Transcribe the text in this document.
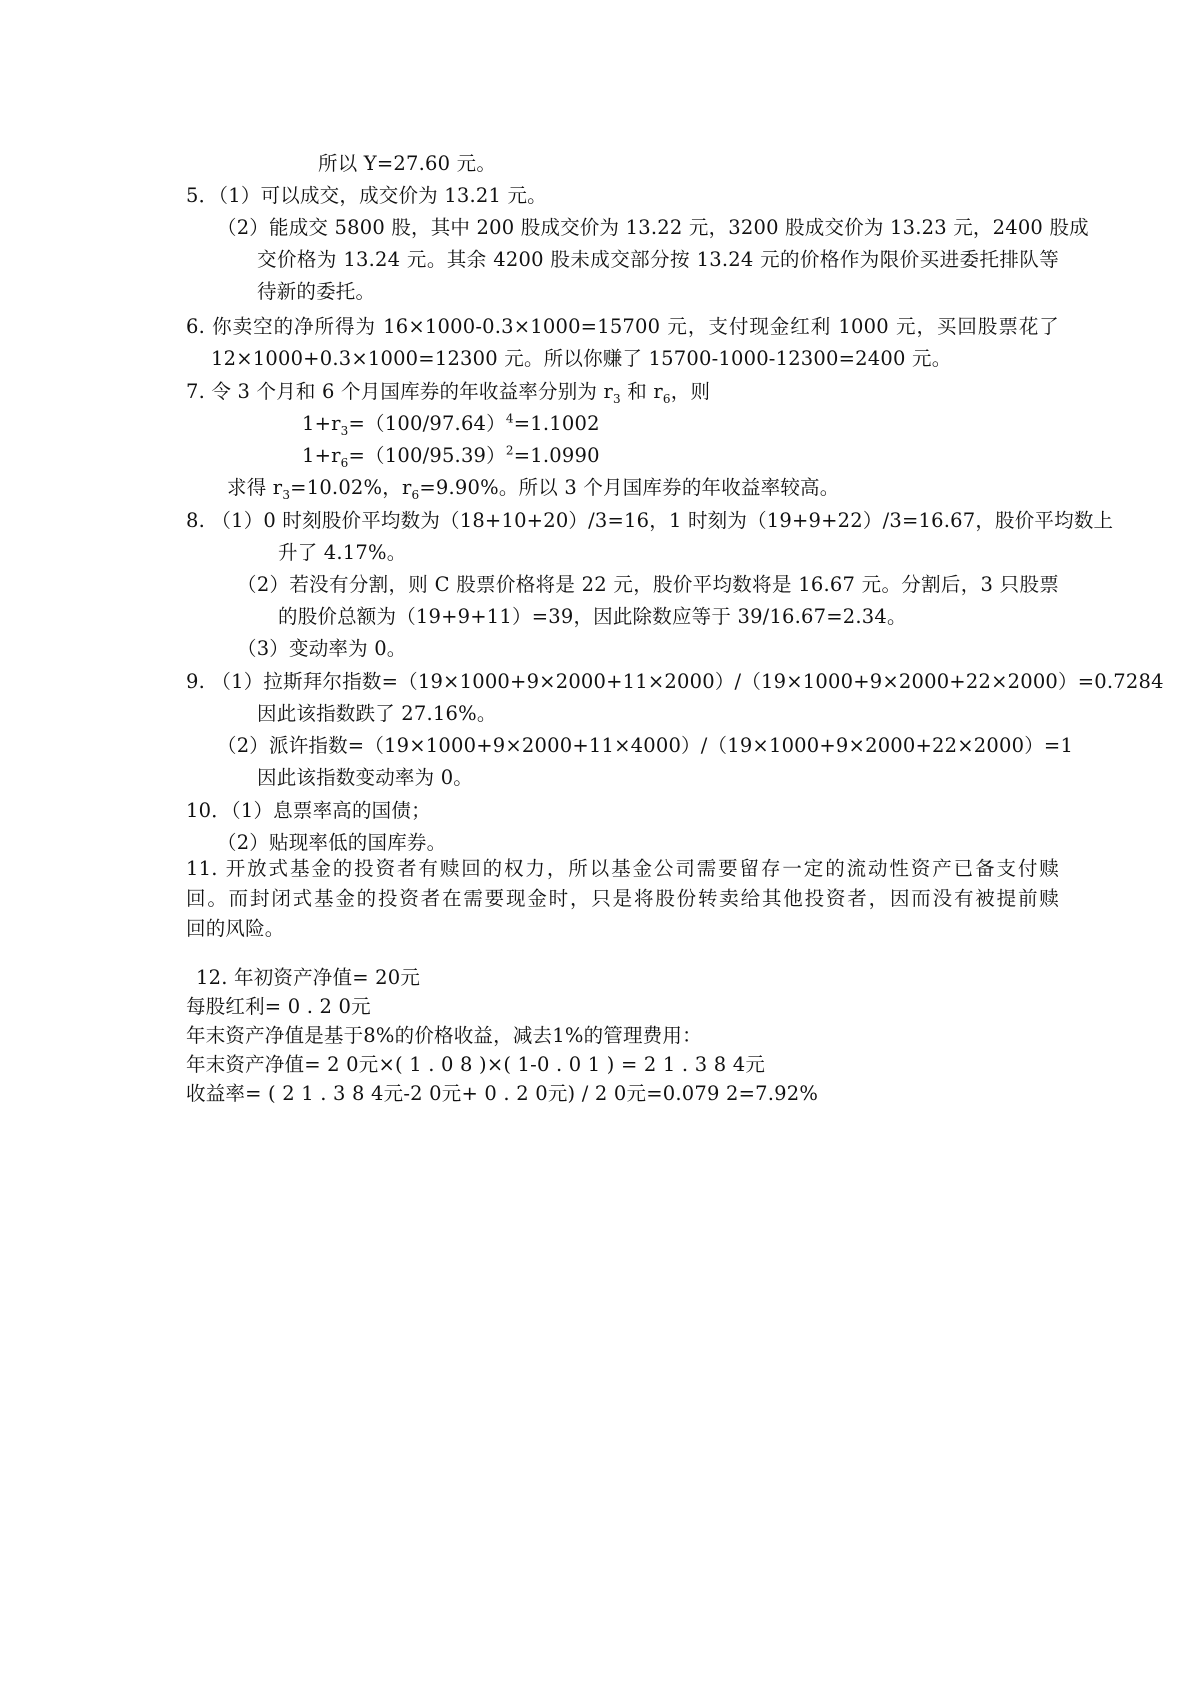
所以 Y=27.60 元。
5．（1）可以成交，成交价为 13.21 元。
（2）能成交 5800 股，其中 200 股成交价为 13.22 元，3200 股成交价为 13.23 元，2400 股成
交价格为 13.24 元。其余 4200 股未成交部分按 13.24 元的价格作为限价买进委托排队等
待新的委托。
6. 你卖空的净所得为 16×1000-0.3×1000=15700 元，支付现金红利 1000 元，买回股票花了
12×1000+0.3×1000=12300 元。所以你赚了 15700-1000-12300=2400 元。
7. 令 3 个月和 6 个月国库券的年收益率分别为 $r_3$ 和 $r_6$，则
$1+r_3=(100/97.64)^4=1.1002$
$1+r_6=(100/95.39)^2=1.0990$
求得 $r_3=10.02\%$，$r_6=9.90\%$。所以 3 个月国库券的年收益率较高。
8. （1）0 时刻股价平均数为（18+10+20）/3=16，1 时刻为（19+9+22）/3=16.67，股价平均数上
升了 4.17%。
（2）若没有分割，则 C 股票价格将是 22 元，股价平均数将是 16.67 元。分割后，3 只股票
的股价总额为（19+9+11）=39，因此除数应等于 39/16.67=2.34。
（3）变动率为 0。
9. （1）拉斯拜尔指数=（19×1000+9×2000+11×2000）/（19×1000+9×2000+22×2000）=0.7284
因此该指数跌了 27.16%。
（2）派许指数=（19×1000+9×2000+11×4000）/（19×1000+9×2000+22×2000）=1
因此该指数变动率为 0。
10．（1）息票率高的国债；
（2）贴现率低的国库券。
11. 开放式基金的投资者有赎回的权力，所以基金公司需要留存一定的流动性资产已备支付赎
回。而封闭式基金的投资者在需要现金时，只是将股份转卖给其他投资者，因而没有被提前赎
回的风险。
12. 年初资产净值= 20元
每股红利= 0 . 2 0元
年末资产净值是基于8%的价格收益，减去1%的管理费用：
年末资产净值= 2 0元×( 1 . 0 8 )×( 1-0 . 0 1 ) = 2 1 . 3 8 4元
收益率= ( 2 1 . 3 8 4元-2 0元+ 0 . 2 0元) / 2 0元=0.079 2=7.92%
